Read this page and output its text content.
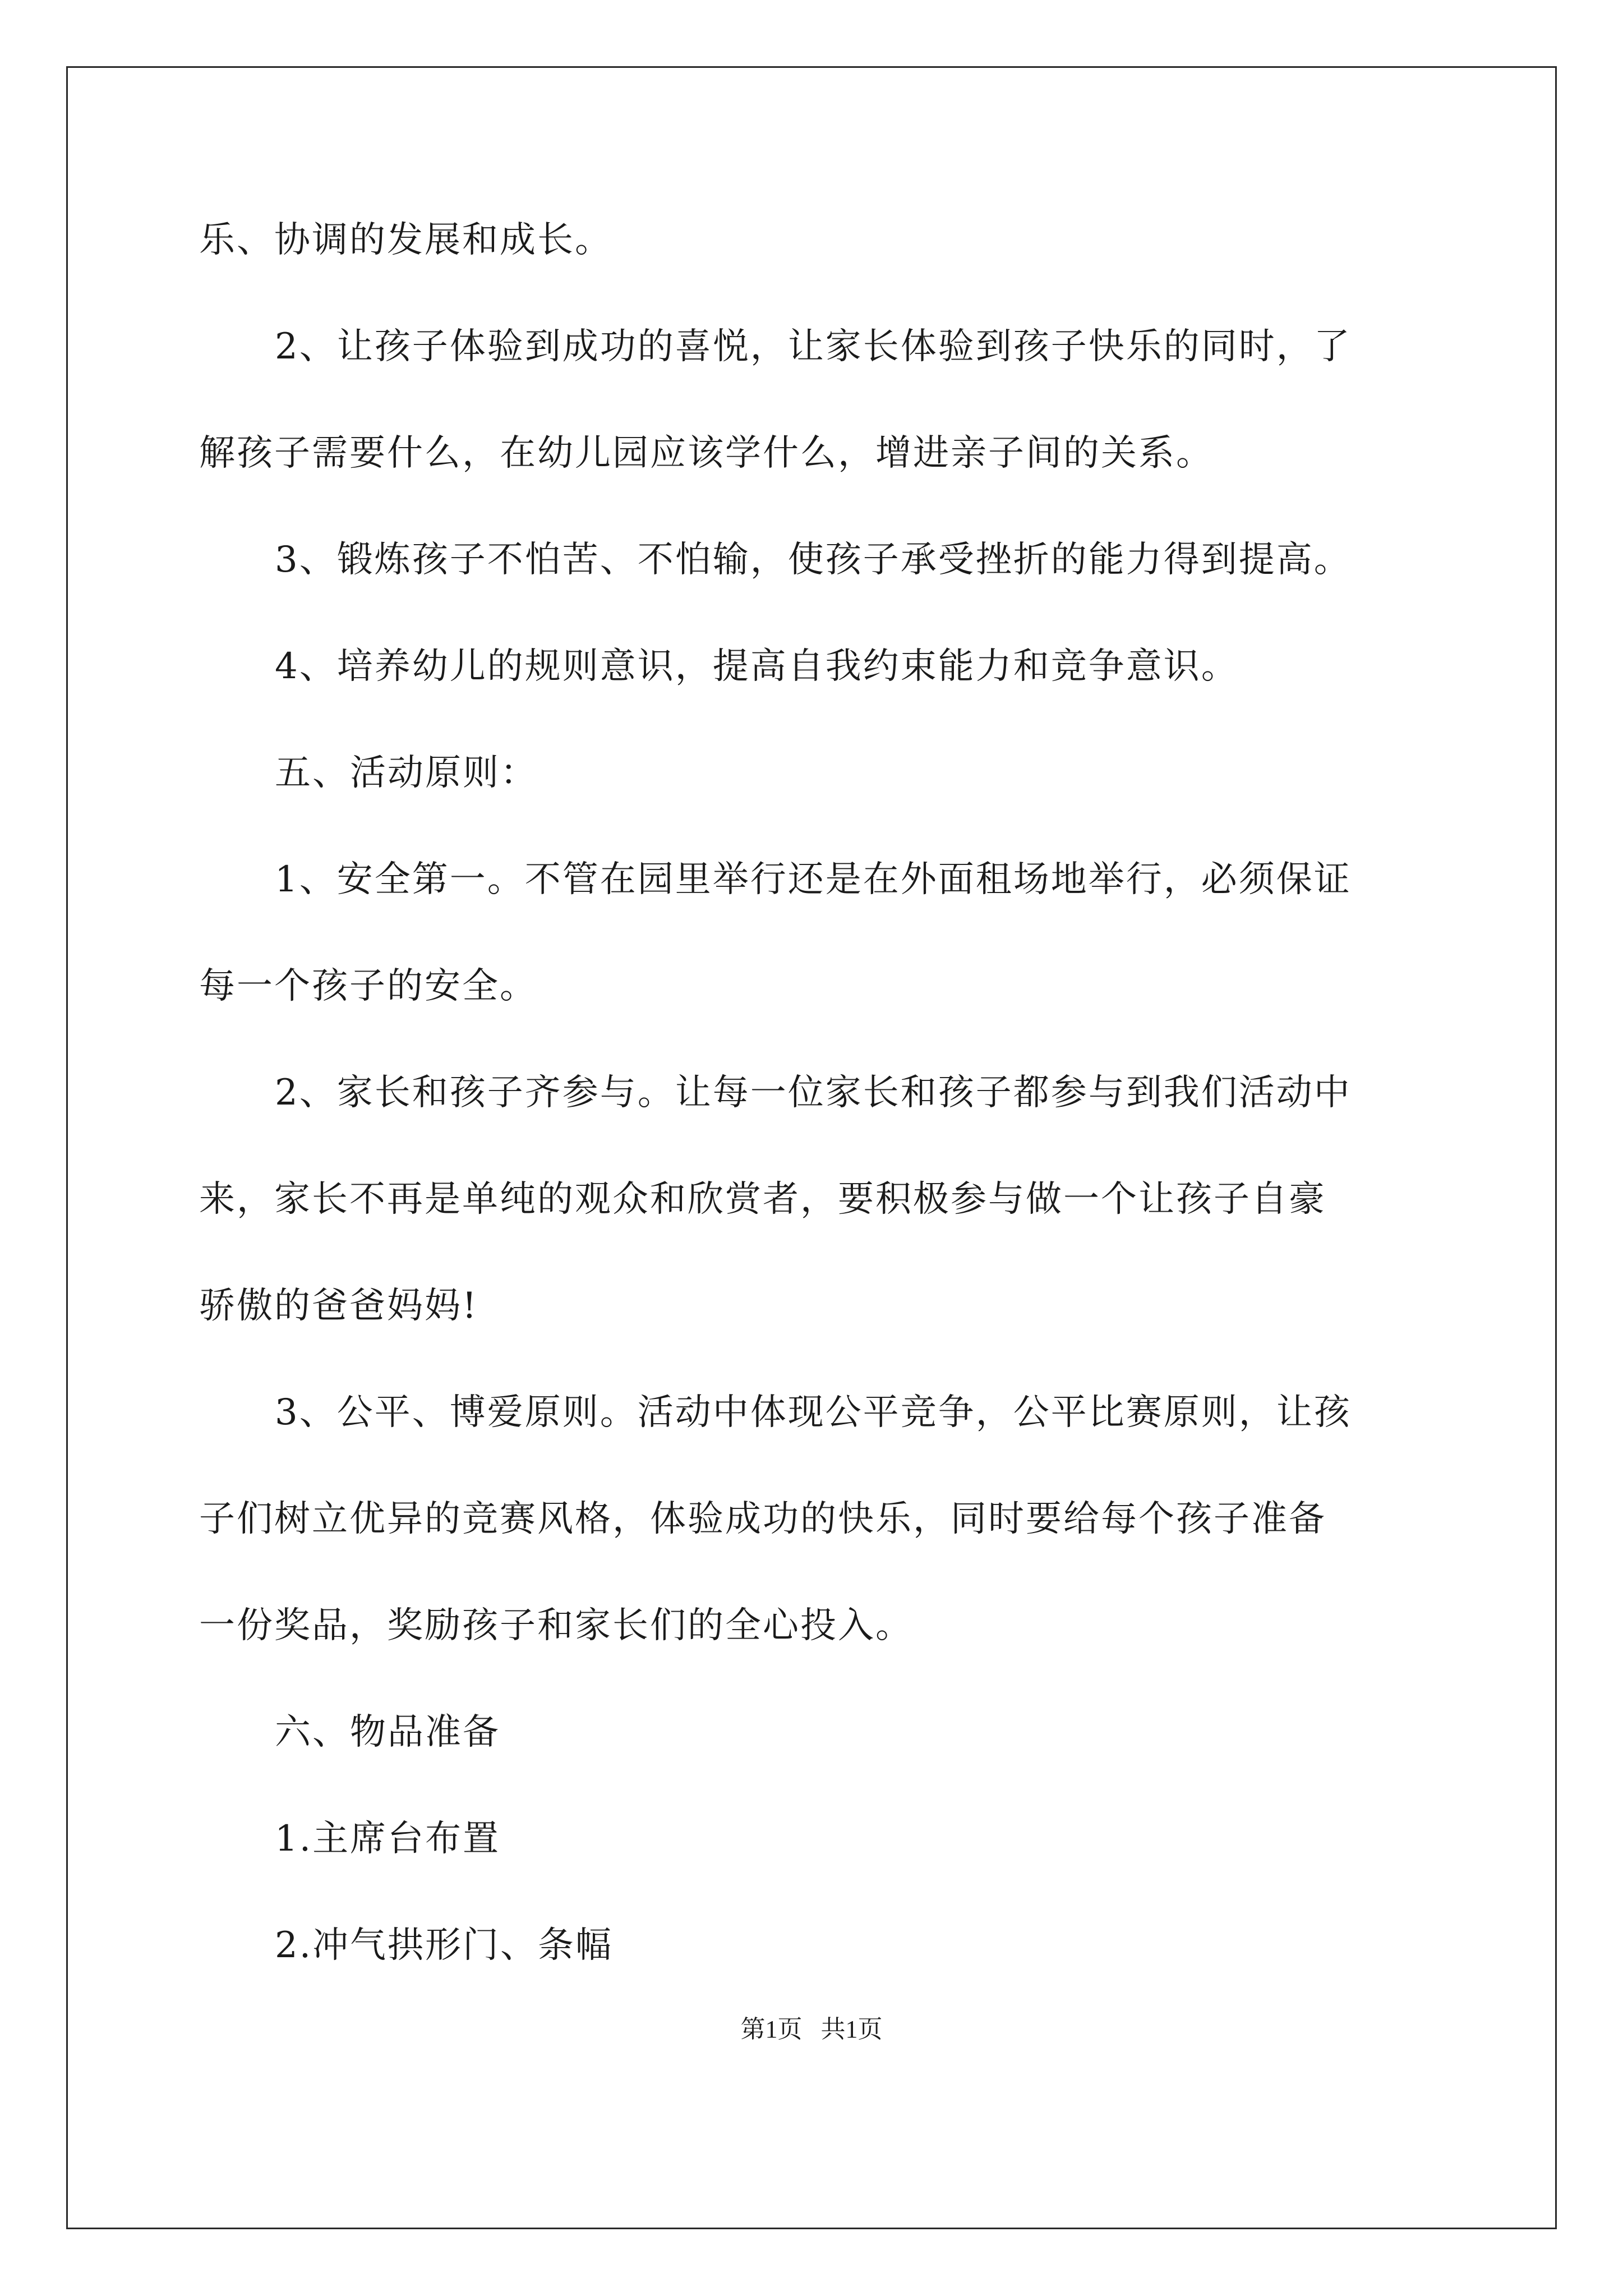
乐、协调的发展和成长。
2、让孩子体验到成功的喜悦，让家长体验到孩子快乐的同时，了
解孩子需要什么，在幼儿园应该学什么，增进亲子间的关系。
3、锻炼孩子不怕苦、不怕输，使孩子承受挫折的能力得到提高。
4、培养幼儿的规则意识，提高自我约束能力和竞争意识。
五、活动原则：
1、安全第一。不管在园里举行还是在外面租场地举行，必须保证
每一个孩子的安全。
2、家长和孩子齐参与。让每一位家长和孩子都参与到我们活动中
来，家长不再是单纯的观众和欣赏者，要积极参与做一个让孩子自豪
骄傲的爸爸妈妈!
3、公平、博爱原则。活动中体现公平竞争，公平比赛原则，让孩
子们树立优异的竞赛风格，体验成功的快乐，同时要给每个孩子准备
一份奖品，奖励孩子和家长们的全心投入。
六、物品准备
1.主席台布置
2.冲气拱形门、条幅
第1页   共1页
